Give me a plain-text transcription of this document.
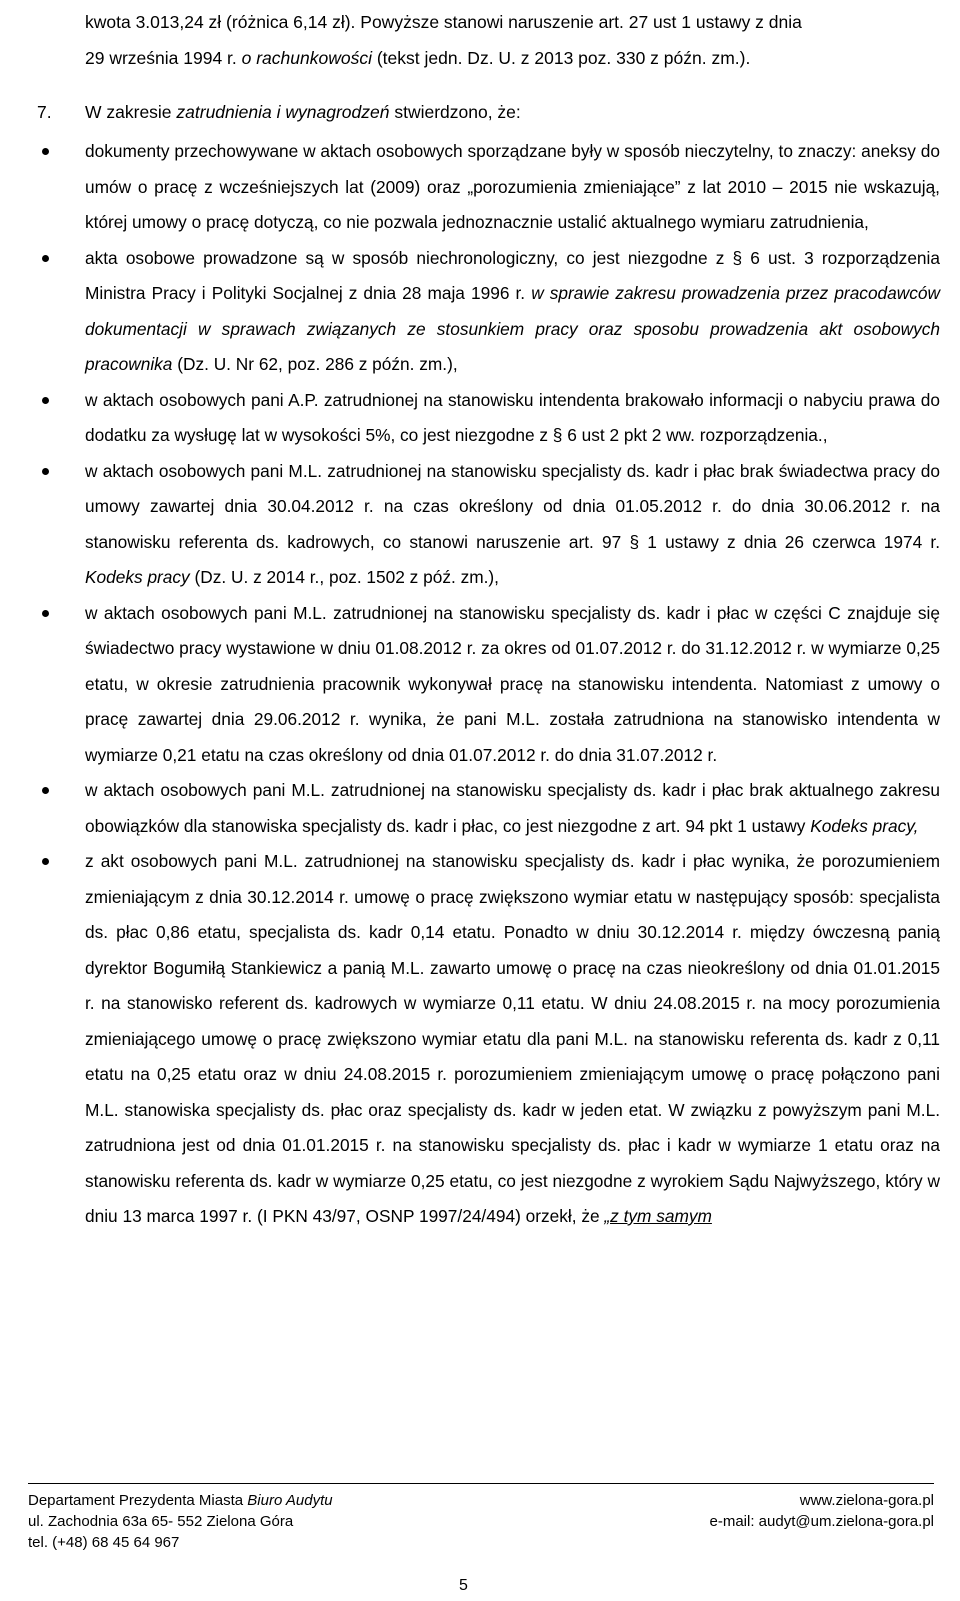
kwota 3.013,24 zł (różnica 6,14 zł). Powyższe stanowi naruszenie art. 27 ust 1 ustawy z dnia
29 września 1994 r. o rachunkowości (tekst jedn. Dz. U. z 2013 poz. 330 z późn. zm.).

7. W zakresie zatrudnienia i wynagrodzeń stwierdzono, że:

dokumenty przechowywane w aktach osobowych sporządzane były w sposób nieczytelny, to znaczy: aneksy do umów o pracę z wcześniejszych lat (2009) oraz „porozumienia zmieniające” z lat 2010 – 2015 nie wskazują, której umowy o pracę dotyczą, co nie pozwala jednoznacznie ustalić aktualnego wymiaru zatrudnienia,
akta osobowe prowadzone są w sposób niechronologiczny, co jest niezgodne z § 6 ust. 3 rozporządzenia Ministra Pracy i Polityki Socjalnej z dnia 28 maja 1996 r. w sprawie zakresu prowadzenia przez pracodawców dokumentacji w sprawach związanych ze stosunkiem pracy oraz sposobu prowadzenia akt osobowych pracownika (Dz. U. Nr 62, poz. 286 z późn. zm.),
w aktach osobowych pani A.P. zatrudnionej na stanowisku intendenta brakowało informacji o nabyciu prawa do dodatku za wysługę lat w wysokości 5%, co jest niezgodne z § 6 ust 2 pkt 2 ww. rozporządzenia.,
w aktach osobowych pani M.L. zatrudnionej na stanowisku specjalisty ds. kadr i płac brak świadectwa pracy do umowy zawartej dnia 30.04.2012 r. na czas określony od dnia 01.05.2012 r. do dnia 30.06.2012 r. na stanowisku referenta ds. kadrowych, co stanowi naruszenie art. 97 § 1 ustawy z dnia 26 czerwca 1974 r. Kodeks pracy (Dz. U. z 2014 r., poz. 1502 z póź. zm.),
w aktach osobowych pani M.L. zatrudnionej na stanowisku specjalisty ds. kadr i płac w części C znajduje się świadectwo pracy wystawione w dniu 01.08.2012 r. za okres od 01.07.2012 r. do 31.12.2012 r. w wymiarze 0,25 etatu, w okresie zatrudnienia pracownik wykonywał pracę na stanowisku intendenta. Natomiast z umowy o pracę zawartej dnia 29.06.2012 r. wynika, że pani M.L. została zatrudniona na stanowisko intendenta w wymiarze 0,21 etatu na czas określony od dnia 01.07.2012 r. do dnia 31.07.2012 r.
w aktach osobowych pani M.L. zatrudnionej na stanowisku specjalisty ds. kadr i płac brak aktualnego zakresu obowiązków dla stanowiska specjalisty ds. kadr i płac, co jest niezgodne z art. 94 pkt 1 ustawy Kodeks pracy,
z akt osobowych pani M.L. zatrudnionej na stanowisku specjalisty ds. kadr i płac wynika, że porozumieniem zmieniającym z dnia 30.12.2014 r. umowę o pracę zwiększono wymiar etatu w następujący sposób: specjalista ds. płac 0,86 etatu, specjalista ds. kadr 0,14 etatu. Ponadto w dniu 30.12.2014 r. między ówczesną panią dyrektor Bogumiłą Stankiewicz a panią M.L. zawarto umowę o pracę na czas nieokreślony od dnia 01.01.2015 r. na stanowisko referent ds. kadrowych w wymiarze 0,11 etatu. W dniu 24.08.2015 r. na mocy porozumienia zmieniającego umowę o pracę zwiększono wymiar etatu dla pani M.L. na stanowisku referenta ds. kadr z 0,11 etatu na 0,25 etatu oraz w dniu 24.08.2015 r. porozumieniem zmieniającym umowę o pracę połączono pani M.L. stanowiska specjalisty ds. płac oraz specjalisty ds. kadr w jeden etat. W związku z powyższym pani M.L. zatrudniona jest od dnia 01.01.2015 r. na stanowisku specjalisty ds. płac i kadr w wymiarze 1 etatu oraz na stanowisku referenta ds. kadr w wymiarze 0,25 etatu, co jest niezgodne z wyrokiem Sądu Najwyższego, który w dniu 13 marca 1997 r. (I PKN 43/97, OSNP 1997/24/494) orzekł, że „z tym samym
Departament Prezydenta Miasta Biuro Audytu
ul. Zachodnia 63a 65- 552 Zielona Góra
tel. (+48) 68 45 64 967
www.zielona-gora.pl
e-mail: audyt@um.zielona-gora.pl
5
